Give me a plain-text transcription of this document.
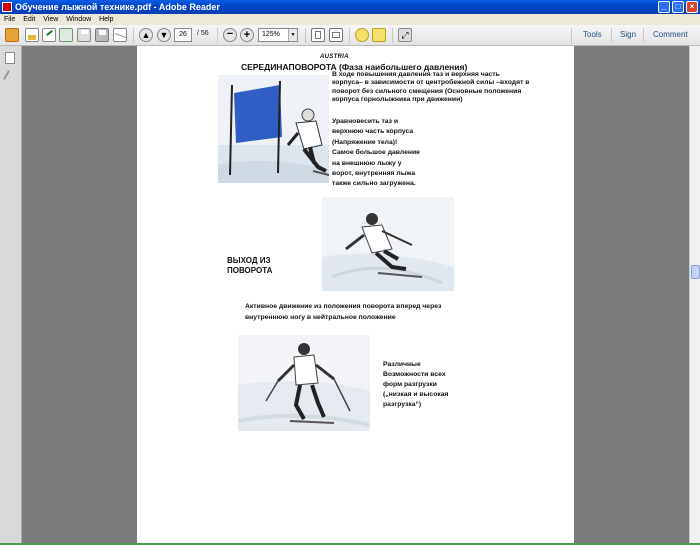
Обучение лыжной технике.pdf - Adobe Reader	_	□	×
File Edit View Window Help
▲ ▼	26	/ 56	− +	125%	▼	⤢	Tools Sign Comment
AUSTRIA
СЕРЕДИНАПОВОРОТА (Фаза наибольшего давления)
В ходе повышения давления таз и верхняя часть корпуса– в зависимости от центробежной силы –входят в поворот без сильного смещения (Основные положения корпуса горнолыжника при движении)
Уравновесить таз и верхнюю часть корпуса (Напряжение тела)! Самое большое давление на внешнюю лыжу у ворот, внутренняя лыжа также сильно загружена.
ВЫХОД ИЗ ПОВОРОТА
Активное движение из положения поворота вперед через внутреннюю ногу в нейтральное положение
Различные Возможности всех форм разгрузки („низкая и высокая разгрузка“)
